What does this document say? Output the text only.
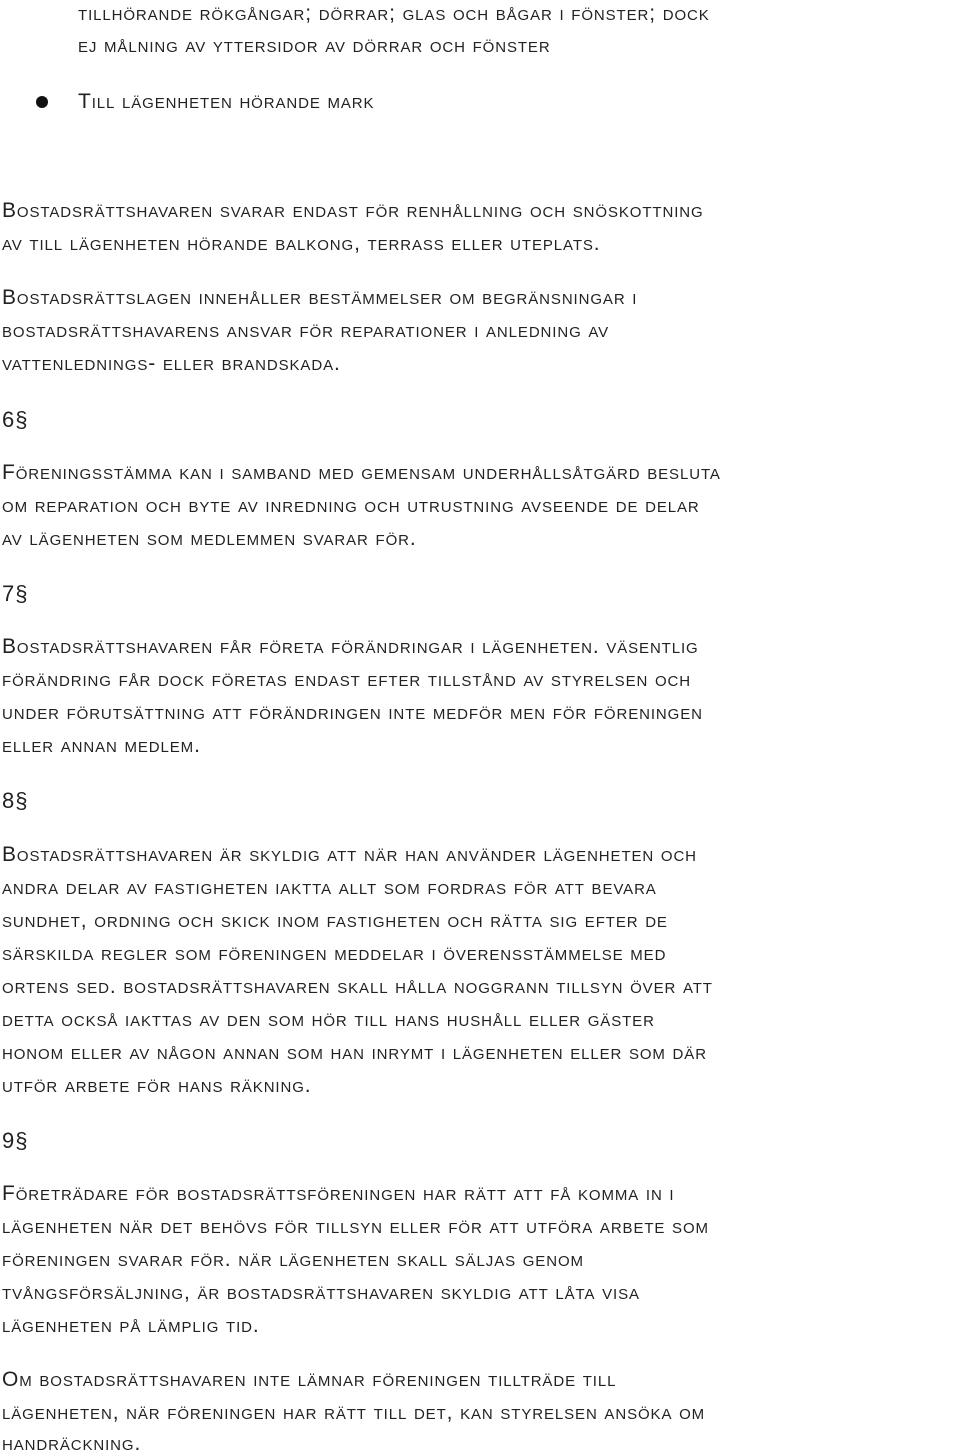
tillhörande rökgångar; dörrar; glas och bågar i fönster; dock
ej målning av yttersidor av dörrar och fönster
Till lägenheten hörande mark
Bostadsrättshavaren svarar endast för renhållning och snöskottning
av till lägenheten hörande balkong, terrass eller uteplats.
Bostadsrättslagen innehåller bestämmelser om begränsningar i
bostadsrättshavarens ansvar för reparationer i anledning av
vattenlednings- eller brandskada.
6§
Föreningsstämma kan i samband med gemensam underhållsåtgärd besluta
om reparation och byte av inredning och utrustning avseende de delar
av lägenheten som medlemmen svarar för.
7§
Bostadsrättshavaren får företa förändringar i lägenheten. väsentlig
förändring får dock företas endast efter tillstånd av styrelsen och
under förutsättning att förändringen inte medför men för föreningen
eller annan medlem.
8§
Bostadsrättshavaren är skyldig att när han använder lägenheten och
andra delar av fastigheten iaktta allt som fordras för att bevara
sundhet, ordning och skick inom fastigheten och rätta sig efter de
särskilda regler som föreningen meddelar i överensstämmelse med
ortens sed. bostadsrättshavaren skall hålla noggrann tillsyn över att
detta också iakttas av den som hör till hans hushåll eller gäster
honom eller av någon annan som han inrymt i lägenheten eller som där
utför arbete för hans räkning.
9§
Företrädare för bostadsrättsföreningen har rätt att få komma in i
lägenheten när det behövs för tillsyn eller för att utföra arbete som
föreningen svarar för. när lägenheten skall säljas genom
tvångsförsäljning, är bostadsrättshavaren skyldig att låta visa
lägenheten på lämplig tid.
Om bostadsrättshavaren inte lämnar föreningen tillträde till
lägenheten, när föreningen har rätt till det, kan styrelsen ansöka om
handräckning.
